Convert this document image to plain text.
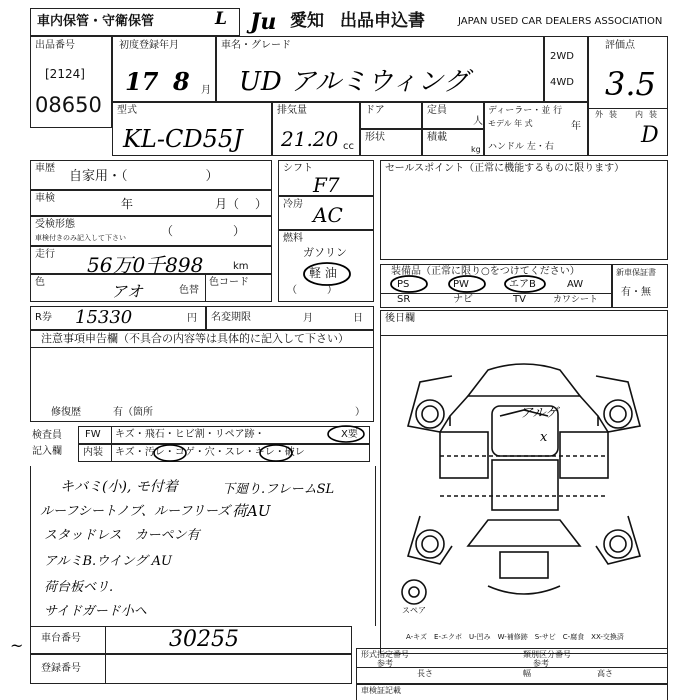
車内保管・守衛保管	L Ju 愛知 出品申込書	JAPAN USED CAR DEALERS ASSOCIATION
出品番号
[2124]
08650
初度登録年月
17 8 月
車名・グレード
UD アルミウィング
2WD
4WD
評価点
3.5
外 装 内 装
D
型式
KL-CD55J
排気量
21.20 cc
ドア	定員
人
形状	積載
kg
ディーラー・並 行
モデル 年 式	年
ハンドル 左・右
車歴
自家用・（　　　　　　）
車検	年	月（ ）
受検形態
車検付きのみ記入して下さい	（　　　　　）
走行 56万0千898	km
色	アオ	色替
色コード
シフト
F7
冷房 AC
燃料
ガソリン
軽 油
（　　　）
セールスポイント（正常に機能するものに限ります）
装備品（正常に限り○をつけてください）
PS	PW	エアB	AW
SR	ナビ	TV	カワシート
新車保証書
有・無
R券 15330	円 名変期限	月	日 後日欄
注意事項申告欄（不具合の内容等は具体的に記入して下さい）
修復歴	有（箇所	）
検査員
記入欄
FW キズ・飛石・ヒビ割・リペア跡・	X要
内装 キズ・汚レ・コゲ・穴・スレ・キレ・破レ
キバミ(小), モ付着
ルーフシートノブ、ルーフリーズ
スタッドレス　カーペン有
アルミB.ウイング AU
荷台板ベリ.
サイドガード小ヘ
下廻り.フレームSL
荷AU
アルゲ
x
スペア
A-キズ　E-エクボ　U-凹み　W-補修跡　S-サビ　C-腐食　XX-交換済
車台番号	30255
~
登録番号
形式指定番号
参考
類別区分番号
参考
長さ	幅	高さ
車検証記載
